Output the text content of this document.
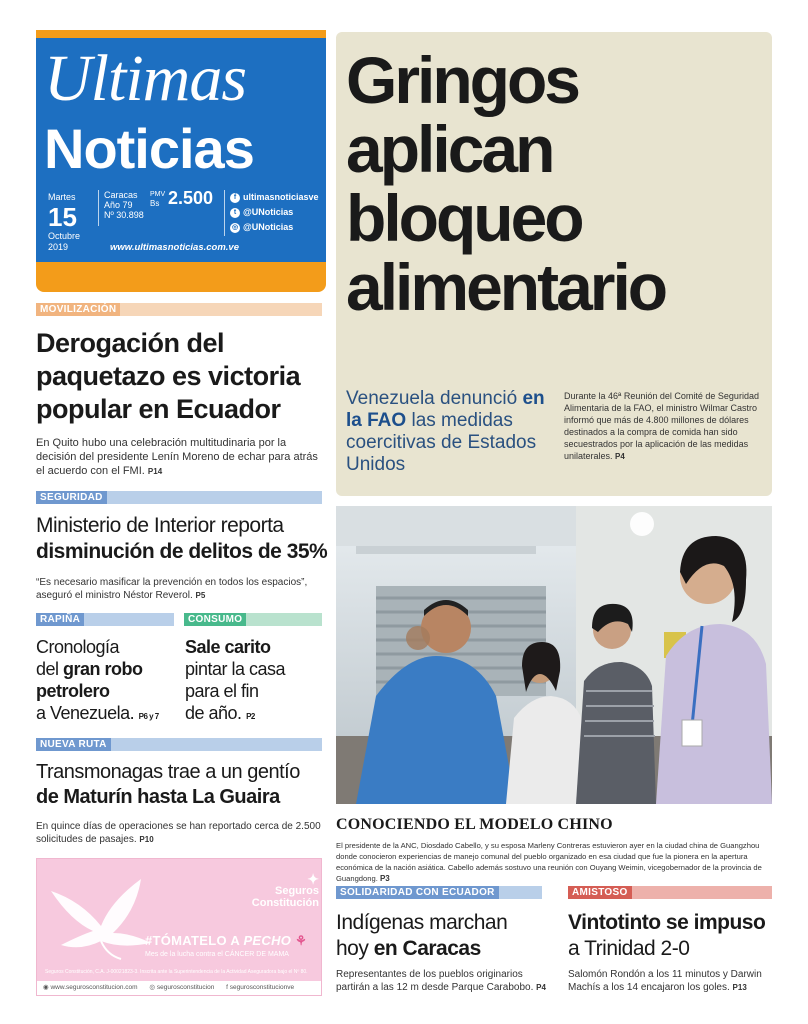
Ultimas
Noticias
Martes
15
Octubre
2019
Caracas
Año 79
Nº 30.898
PMV
Bs 2.500	f ultimasnoticiasve
t @UNoticias
◎ @UNoticias
www.ultimasnoticias.com.ve
Gringos aplican bloqueo alimentario
Venezuela denunció en la FAO las medidas coercitivas de Estados Unidos
Durante la 46ª Reunión del Comité de Seguridad Alimentaria de la FAO, el ministro Wilmar Castro informó que más de 4.800 millones de dólares destinados a la compra de comida han sido secuestrados por la aplicación de las medidas unilaterales. P4
MOVILIZACIÓN
Derogación del paquetazo es victoria popular en Ecuador
En Quito hubo una celebración multitudinaria por la decisión del presidente Lenín Moreno de echar para atrás el acuerdo con el FMI. P14
SEGURIDAD
Ministerio de Interior reporta
disminución de delitos de 35%
“Es necesario masificar la prevención en todos los espacios”, aseguró el ministro Néstor Reverol. P5
RAPIÑA
Cronología
del gran robo
petrolero
a Venezuela. P6 y 7
CONSUMO
Sale carito
pintar la casa
para el fin
de año. P2
NUEVA RUTA
Transmonagas trae a un gentío
de Maturín hasta La Guaira
En quince días de operaciones se han reportado cerca de 2.500 solicitudes de pasajes. P10
CONOCIENDO EL MODELO CHINO
El presidente de la ANC, Diosdado Cabello, y su esposa Marleny Contreras estuvieron ayer en la ciudad china de Guangzhou donde conocieron experiencias de manejo comunal del pueblo organizado en esa ciudad que fue la pionera en la apertura económica de la nación asiática. Cabello además sostuvo una reunión con Ouyang Weimin, vicegobernador de la provincia de Guangdong. P3
SOLIDARIDAD CON ECUADOR
Indígenas marchan
hoy en Caracas
Representantes de los pueblos originarios partirán a las 12 m desde Parque Carabobo. P4
AMISTOSO
Vintotinto se impuso
a Trinidad 2-0
Salomón Rondón a los 11 minutos y Darwin Machís a los 14 encajaron los goles. P13
✦
Seguros
Constitución
#TÓMATELO A PECHO ⚘
Mes de la lucha contra el CÁNCER DE MAMA
Seguros Constitución, C.A. J-00021823-3. Inscrita ante la Superintendencia de la Actividad Aseguradora bajo el Nº 80.
◉ www.segurosconstitucion.com ◎ segurosconstitucion f segurosconstitucionve
